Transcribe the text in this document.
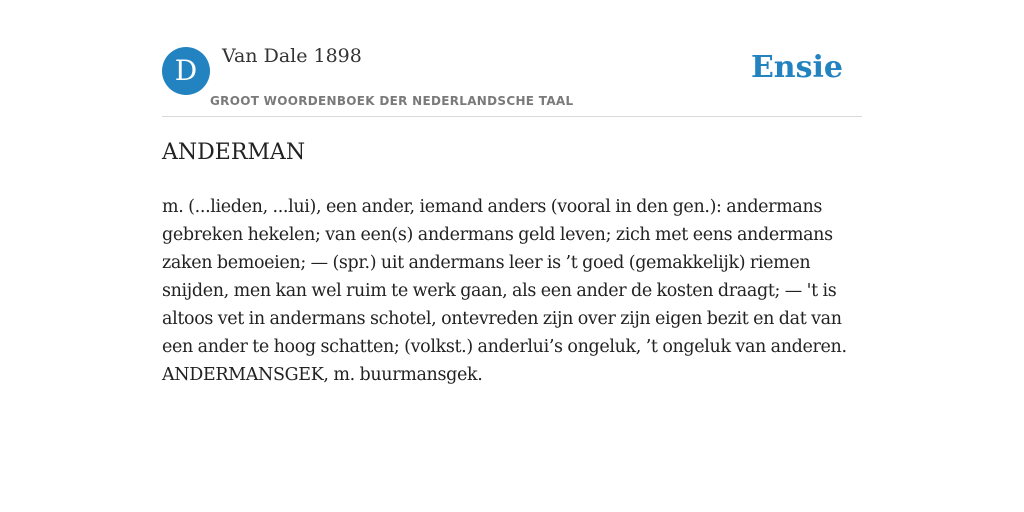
D	Van Dale 1898
GROOT WOORDENBOEK DER NEDERLANDSCHE TAAL
Ensie
ANDERMAN

m. (...lieden, ...lui), een ander, iemand anders (vooral in den gen.): andermans gebreken hekelen; van een(s) andermans geld leven; zich met eens andermans zaken bemoeien; — (spr.) uit andermans leer is ’t goed (gemakkelijk) riemen snijden, men kan wel ruim te werk gaan, als een ander de kosten draagt; — 't is altoos vet in andermans schotel, ontevreden zijn over zijn eigen bezit en dat van een ander te hoog schatten; (volkst.) anderlui’s ongeluk, ’t ongeluk van anderen. ANDERMANSGEK, m. buurmansgek.
